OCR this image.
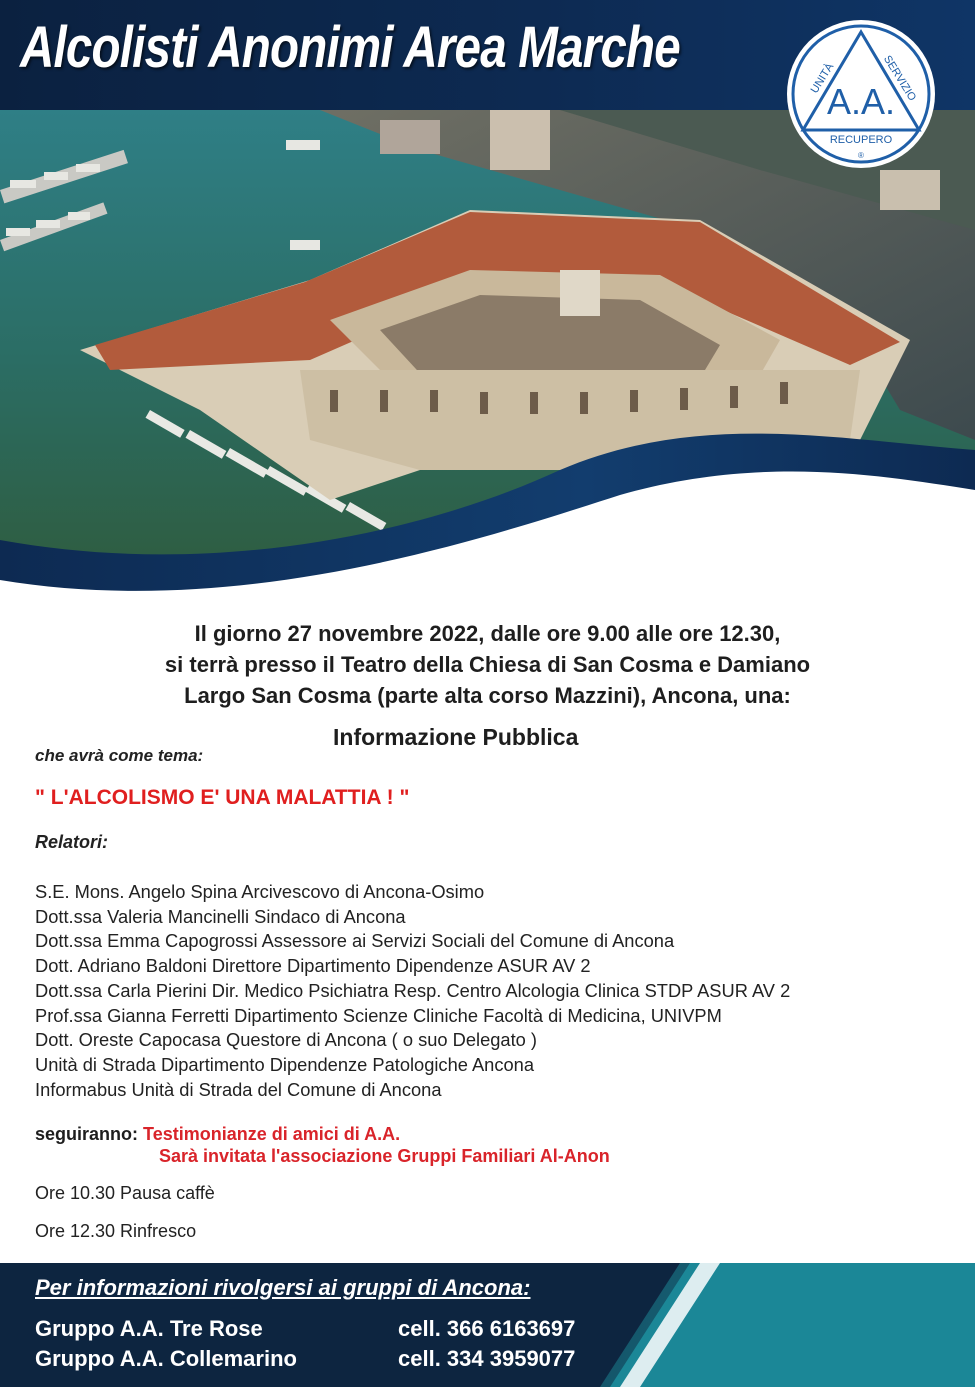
Alcolisti Anonimi Area Marche
A.A.
UNITÀ	SERVIZIO
RECUPERO
®
Il giorno 27 novembre 2022, dalle ore 9.00 alle ore 12.30,
si terrà presso il Teatro della Chiesa di San Cosma e Damiano
Largo San Cosma (parte alta corso Mazzini), Ancona, una:
Informazione Pubblica
che avrà come tema:
" L'ALCOLISMO E' UNA MALATTIA ! "
Relatori:
S.E. Mons. Angelo Spina Arcivescovo di Ancona-Osimo
Dott.ssa Valeria Mancinelli Sindaco di Ancona
Dott.ssa Emma Capogrossi Assessore ai Servizi Sociali del Comune di Ancona
Dott. Adriano Baldoni Direttore Dipartimento Dipendenze ASUR AV 2
Dott.ssa Carla Pierini Dir. Medico Psichiatra Resp. Centro Alcologia Clinica STDP ASUR AV 2
Prof.ssa Gianna Ferretti Dipartimento Scienze Cliniche Facoltà di Medicina, UNIVPM
Dott. Oreste Capocasa Questore di Ancona ( o suo Delegato )
Unità di Strada Dipartimento Dipendenze Patologiche Ancona
Informabus Unità di Strada del Comune di Ancona
seguiranno: Testimonianze di amici di A.A.
Sarà invitata l'associazione Gruppi Familiari Al-Anon
Ore 10.30 Pausa caffè
Ore 12.30 Rinfresco
Per informazioni rivolgersi ai gruppi di Ancona:
Gruppo A.A. Tre Rose	cell. 366 6163697
Gruppo A.A. Collemarino	cell. 334 3959077
